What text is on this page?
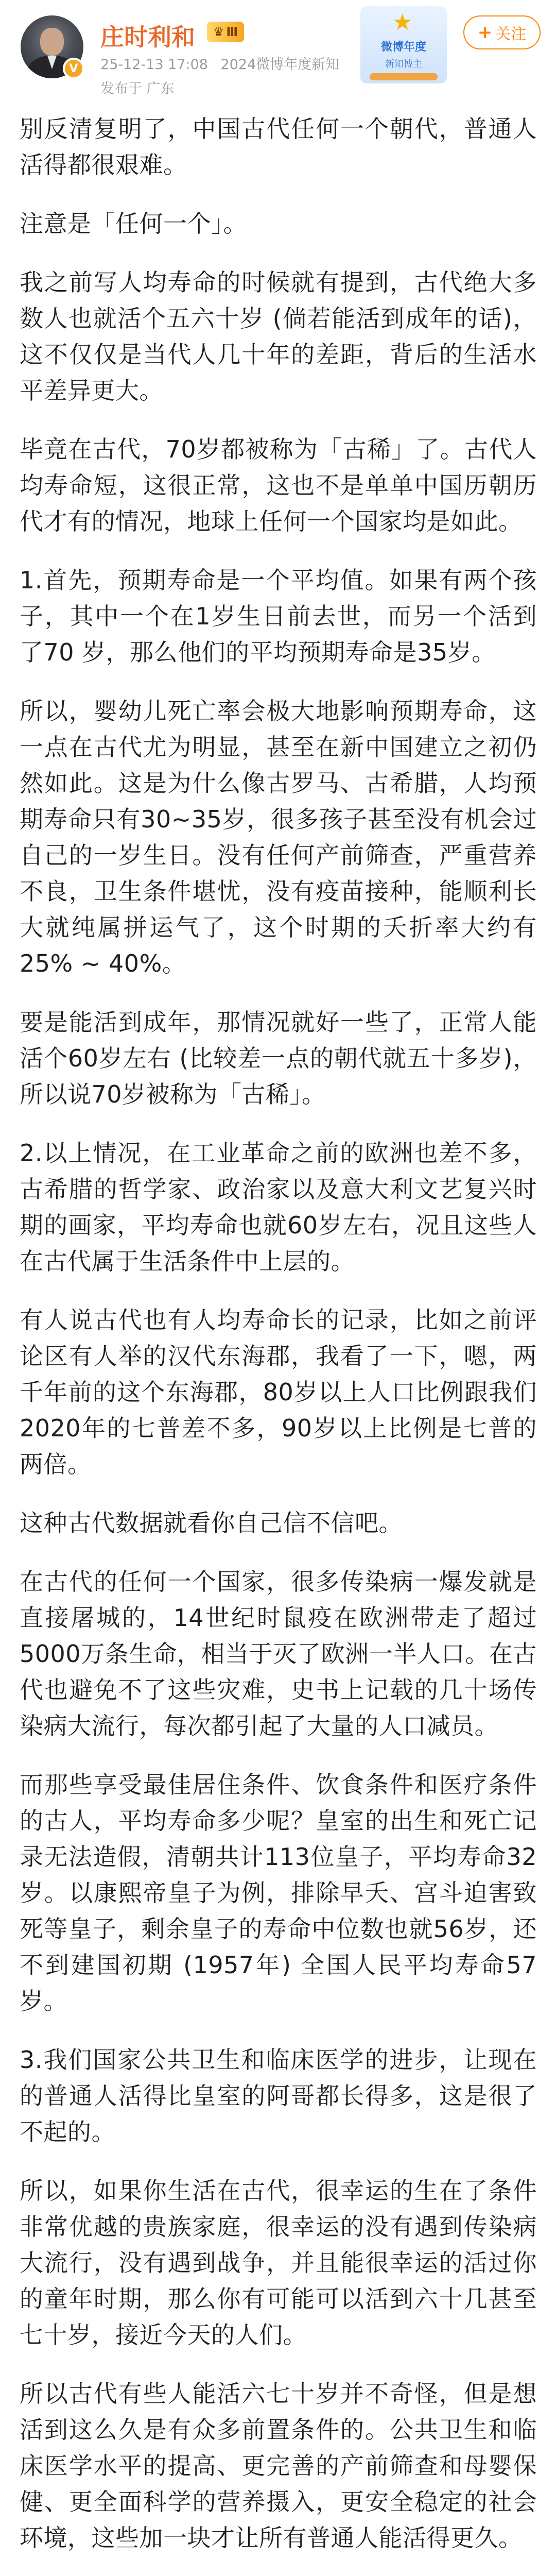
V
庄时利和 ♛ Ⅲ
25-12-13 17:08 2024微博年度新知
发布于 广东
★
微博年度
新知博主
+ 关注

别反清复明了，中国古代任何一个朝代，普通人活得都很艰难。

注意是「任何一个」。

我之前写人均寿命的时候就有提到，古代绝大多数人也就活个五六十岁 (倘若能活到成年的话)，这不仅仅是当代人几十年的差距，背后的生活水平差异更大。

毕竟在古代，70岁都被称为「古稀」了。古代人均寿命短，这很正常，这也不是单单中国历朝历代才有的情况，地球上任何一个国家均是如此。

1.首先，预期寿命是一个平均值。如果有两个孩子，其中一个在1岁生日前去世，而另一个活到了70 岁，那么他们的平均预期寿命是35岁。

所以，婴幼儿死亡率会极大地影响预期寿命，这一点在古代尤为明显，甚至在新中国建立之初仍然如此。这是为什么像古罗马、古希腊，人均预期寿命只有30~35岁，很多孩子甚至没有机会过自己的一岁生日。没有任何产前筛查，严重营养不良，卫生条件堪忧，没有疫苗接种，能顺利长大就纯属拼运气了，这个时期的夭折率大约有25% ~ 40%。

要是能活到成年，那情况就好一些了，正常人能活个60岁左右 (比较差一点的朝代就五十多岁)，所以说70岁被称为「古稀」。

2.以上情况，在工业革命之前的欧洲也差不多，古希腊的哲学家、政治家以及意大利文艺复兴时期的画家，平均寿命也就60岁左右，况且这些人在古代属于生活条件中上层的。

有人说古代也有人均寿命长的记录，比如之前评论区有人举的汉代东海郡，我看了一下，嗯，两千年前的这个东海郡，80岁以上人口比例跟我们2020年的七普差不多，90岁以上比例是七普的两倍。

这种古代数据就看你自己信不信吧。

在古代的任何一个国家，很多传染病一爆发就是直接屠城的，14世纪时鼠疫在欧洲带走了超过5000万条生命，相当于灭了欧洲一半人口。在古代也避免不了这些灾难，史书上记载的几十场传染病大流行，每次都引起了大量的人口减员。

而那些享受最佳居住条件、饮食条件和医疗条件的古人，平均寿命多少呢？皇室的出生和死亡记录无法造假，清朝共计113位皇子，平均寿命32岁。以康熙帝皇子为例，排除早夭、宫斗迫害致死等皇子，剩余皇子的寿命中位数也就56岁，还不到建国初期 (1957年) 全国人民平均寿命57岁。

3.我们国家公共卫生和临床医学的进步，让现在的普通人活得比皇室的阿哥都长得多，这是很了不起的。

所以，如果你生活在古代，很幸运的生在了条件非常优越的贵族家庭，很幸运的没有遇到传染病大流行，没有遇到战争，并且能很幸运的活过你的童年时期，那么你有可能可以活到六十几甚至七十岁，接近今天的人们。

所以古代有些人能活六七十岁并不奇怪，但是想活到这么久是有众多前置条件的。公共卫生和临床医学水平的提高、更完善的产前筛查和母婴保健、更全面科学的营养摄入，更安全稳定的社会环境，这些加一块才让所有普通人能活得更久。
